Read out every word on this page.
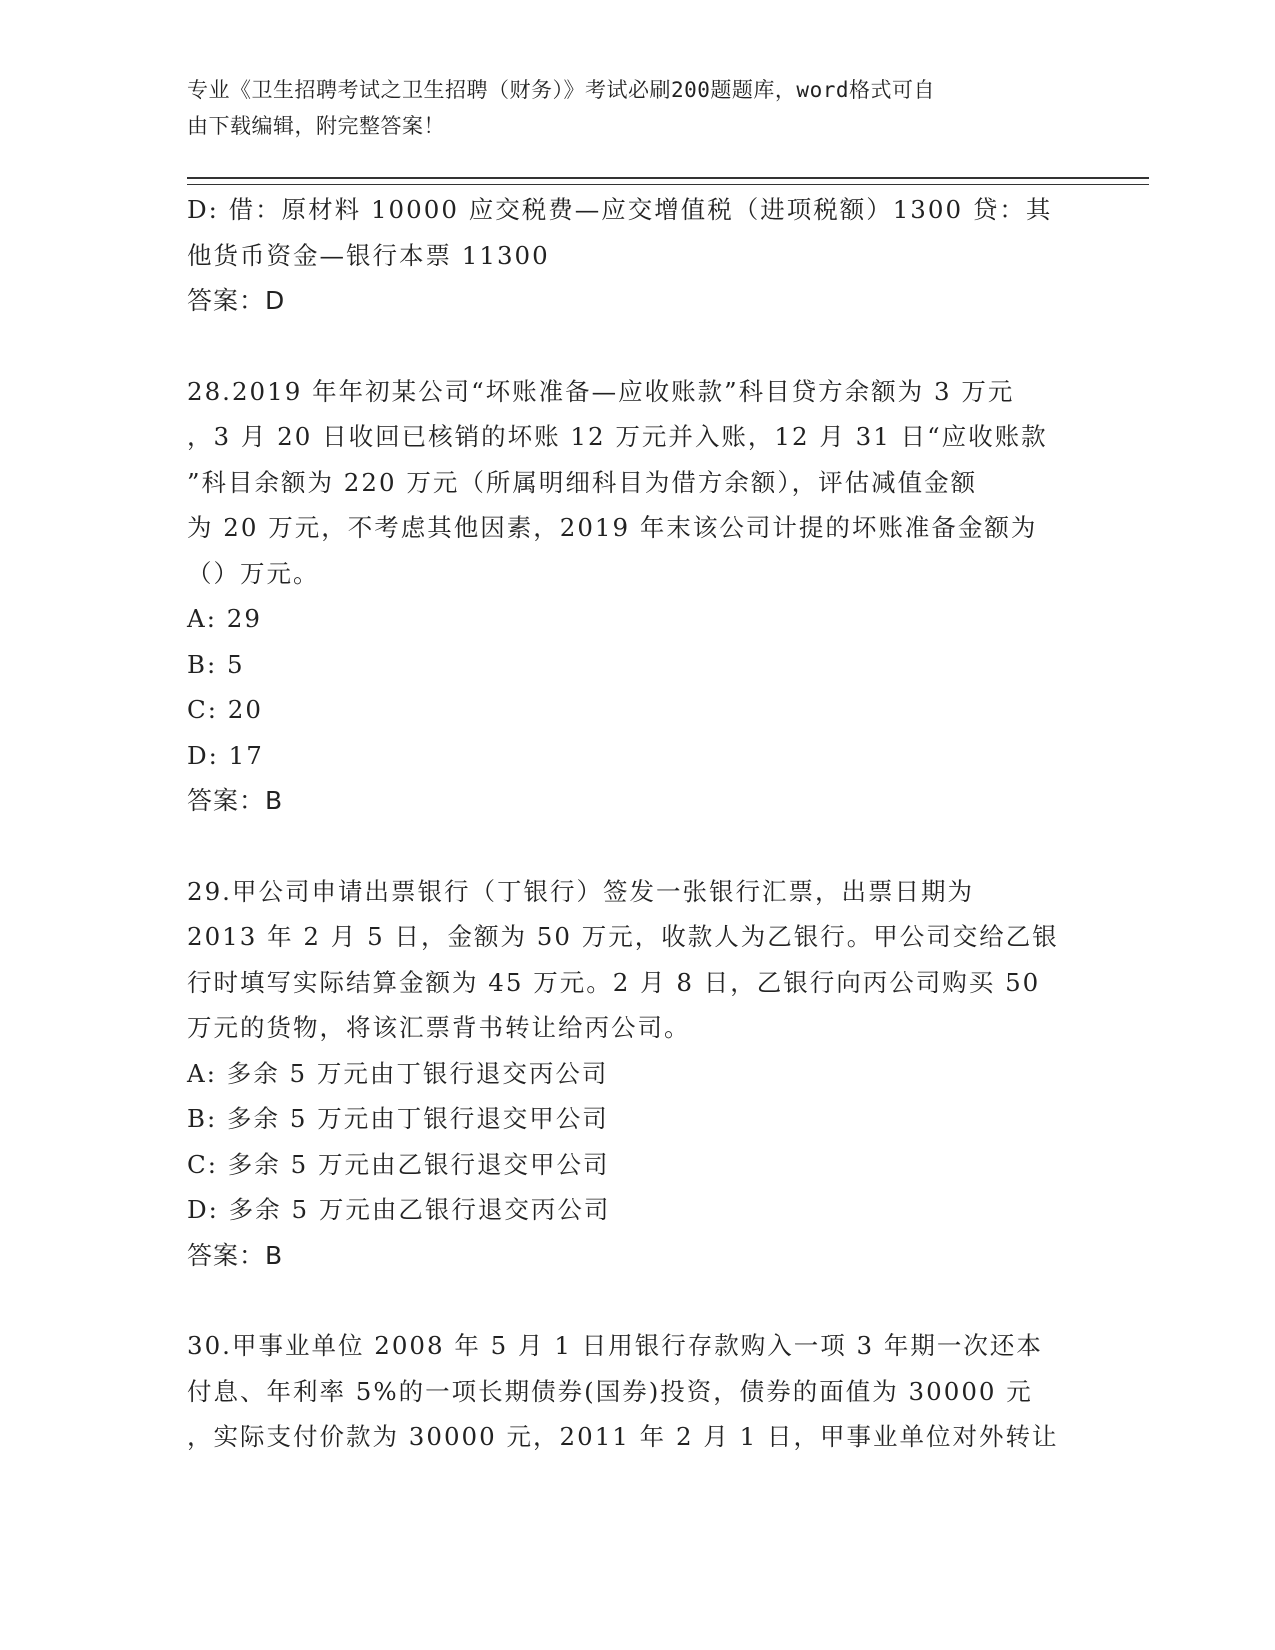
专业《卫生招聘考试之卫生招聘（财务）》考试必刷200题题库，word格式可自
由下载编辑，附完整答案！
D: 借：原材料 10000 应交税费—应交增值税（进项税额）1300 贷：其
他货币资金—银行本票 11300
答案：D
28.2019 年年初某公司“坏账准备—应收账款”科目贷方余额为 3 万元
，3 月 20 日收回已核销的坏账 12 万元并入账，12 月 31 日“应收账款
”科目余额为 220 万元（所属明细科目为借方余额），评估减值金额
为 20 万元，不考虑其他因素，2019 年末该公司计提的坏账准备金额为
（）万元。
A: 29
B: 5
C: 20
D: 17
答案：B
29.甲公司申请出票银行（丁银行）签发一张银行汇票，出票日期为
2013 年 2 月 5 日，金额为 50 万元，收款人为乙银行。甲公司交给乙银
行时填写实际结算金额为 45 万元。2 月 8 日，乙银行向丙公司购买 50
万元的货物，将该汇票背书转让给丙公司。
A: 多余 5 万元由丁银行退交丙公司
B: 多余 5 万元由丁银行退交甲公司
C: 多余 5 万元由乙银行退交甲公司
D: 多余 5 万元由乙银行退交丙公司
答案：B
30.甲事业单位 2008 年 5 月 1 日用银行存款购入一项 3 年期一次还本
付息、年利率 5%的一项长期债券(国券)投资，债券的面值为 30000 元
，实际支付价款为 30000 元，2011 年 2 月 1 日，甲事业单位对外转让
